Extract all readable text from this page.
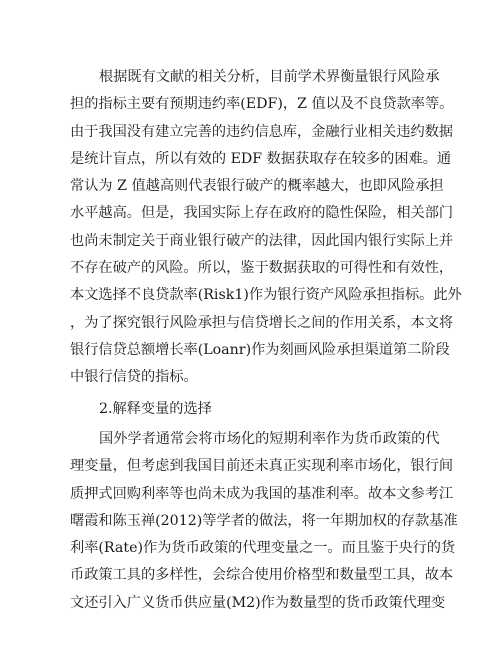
根据既有文献的相关分析，目前学术界衡量银行风险承
担的指标主要有预期违约率(EDF)，Z 值以及不良贷款率等。
由于我国没有建立完善的违约信息库，金融行业相关违约数据
是统计盲点，所以有效的 EDF 数据获取存在较多的困难。通
常认为 Z 值越高则代表银行破产的概率越大，也即风险承担
水平越高。但是，我国实际上存在政府的隐性保险，相关部门
也尚未制定关于商业银行破产的法律，因此国内银行实际上并
不存在破产的风险。所以，鉴于数据获取的可得性和有效性，
本文选择不良贷款率(Risk1)作为银行资产风险承担指标。此外
，为了探究银行风险承担与信贷增长之间的作用关系，本文将
银行信贷总额增长率(Loanr)作为刻画风险承担渠道第二阶段
中银行信贷的指标。
2.解释变量的选择
国外学者通常会将市场化的短期利率作为货币政策的代
理变量，但考虑到我国目前还未真正实现利率市场化，银行间
质押式回购利率等也尚未成为我国的基准利率。故本文参考江
曙霞和陈玉禅(2012)等学者的做法，将一年期加权的存款基准
利率(Rate)作为货币政策的代理变量之一。而且鉴于央行的货
币政策工具的多样性，会综合使用价格型和数量型工具，故本
文还引入广义货币供应量(M2)作为数量型的货币政策代理变
